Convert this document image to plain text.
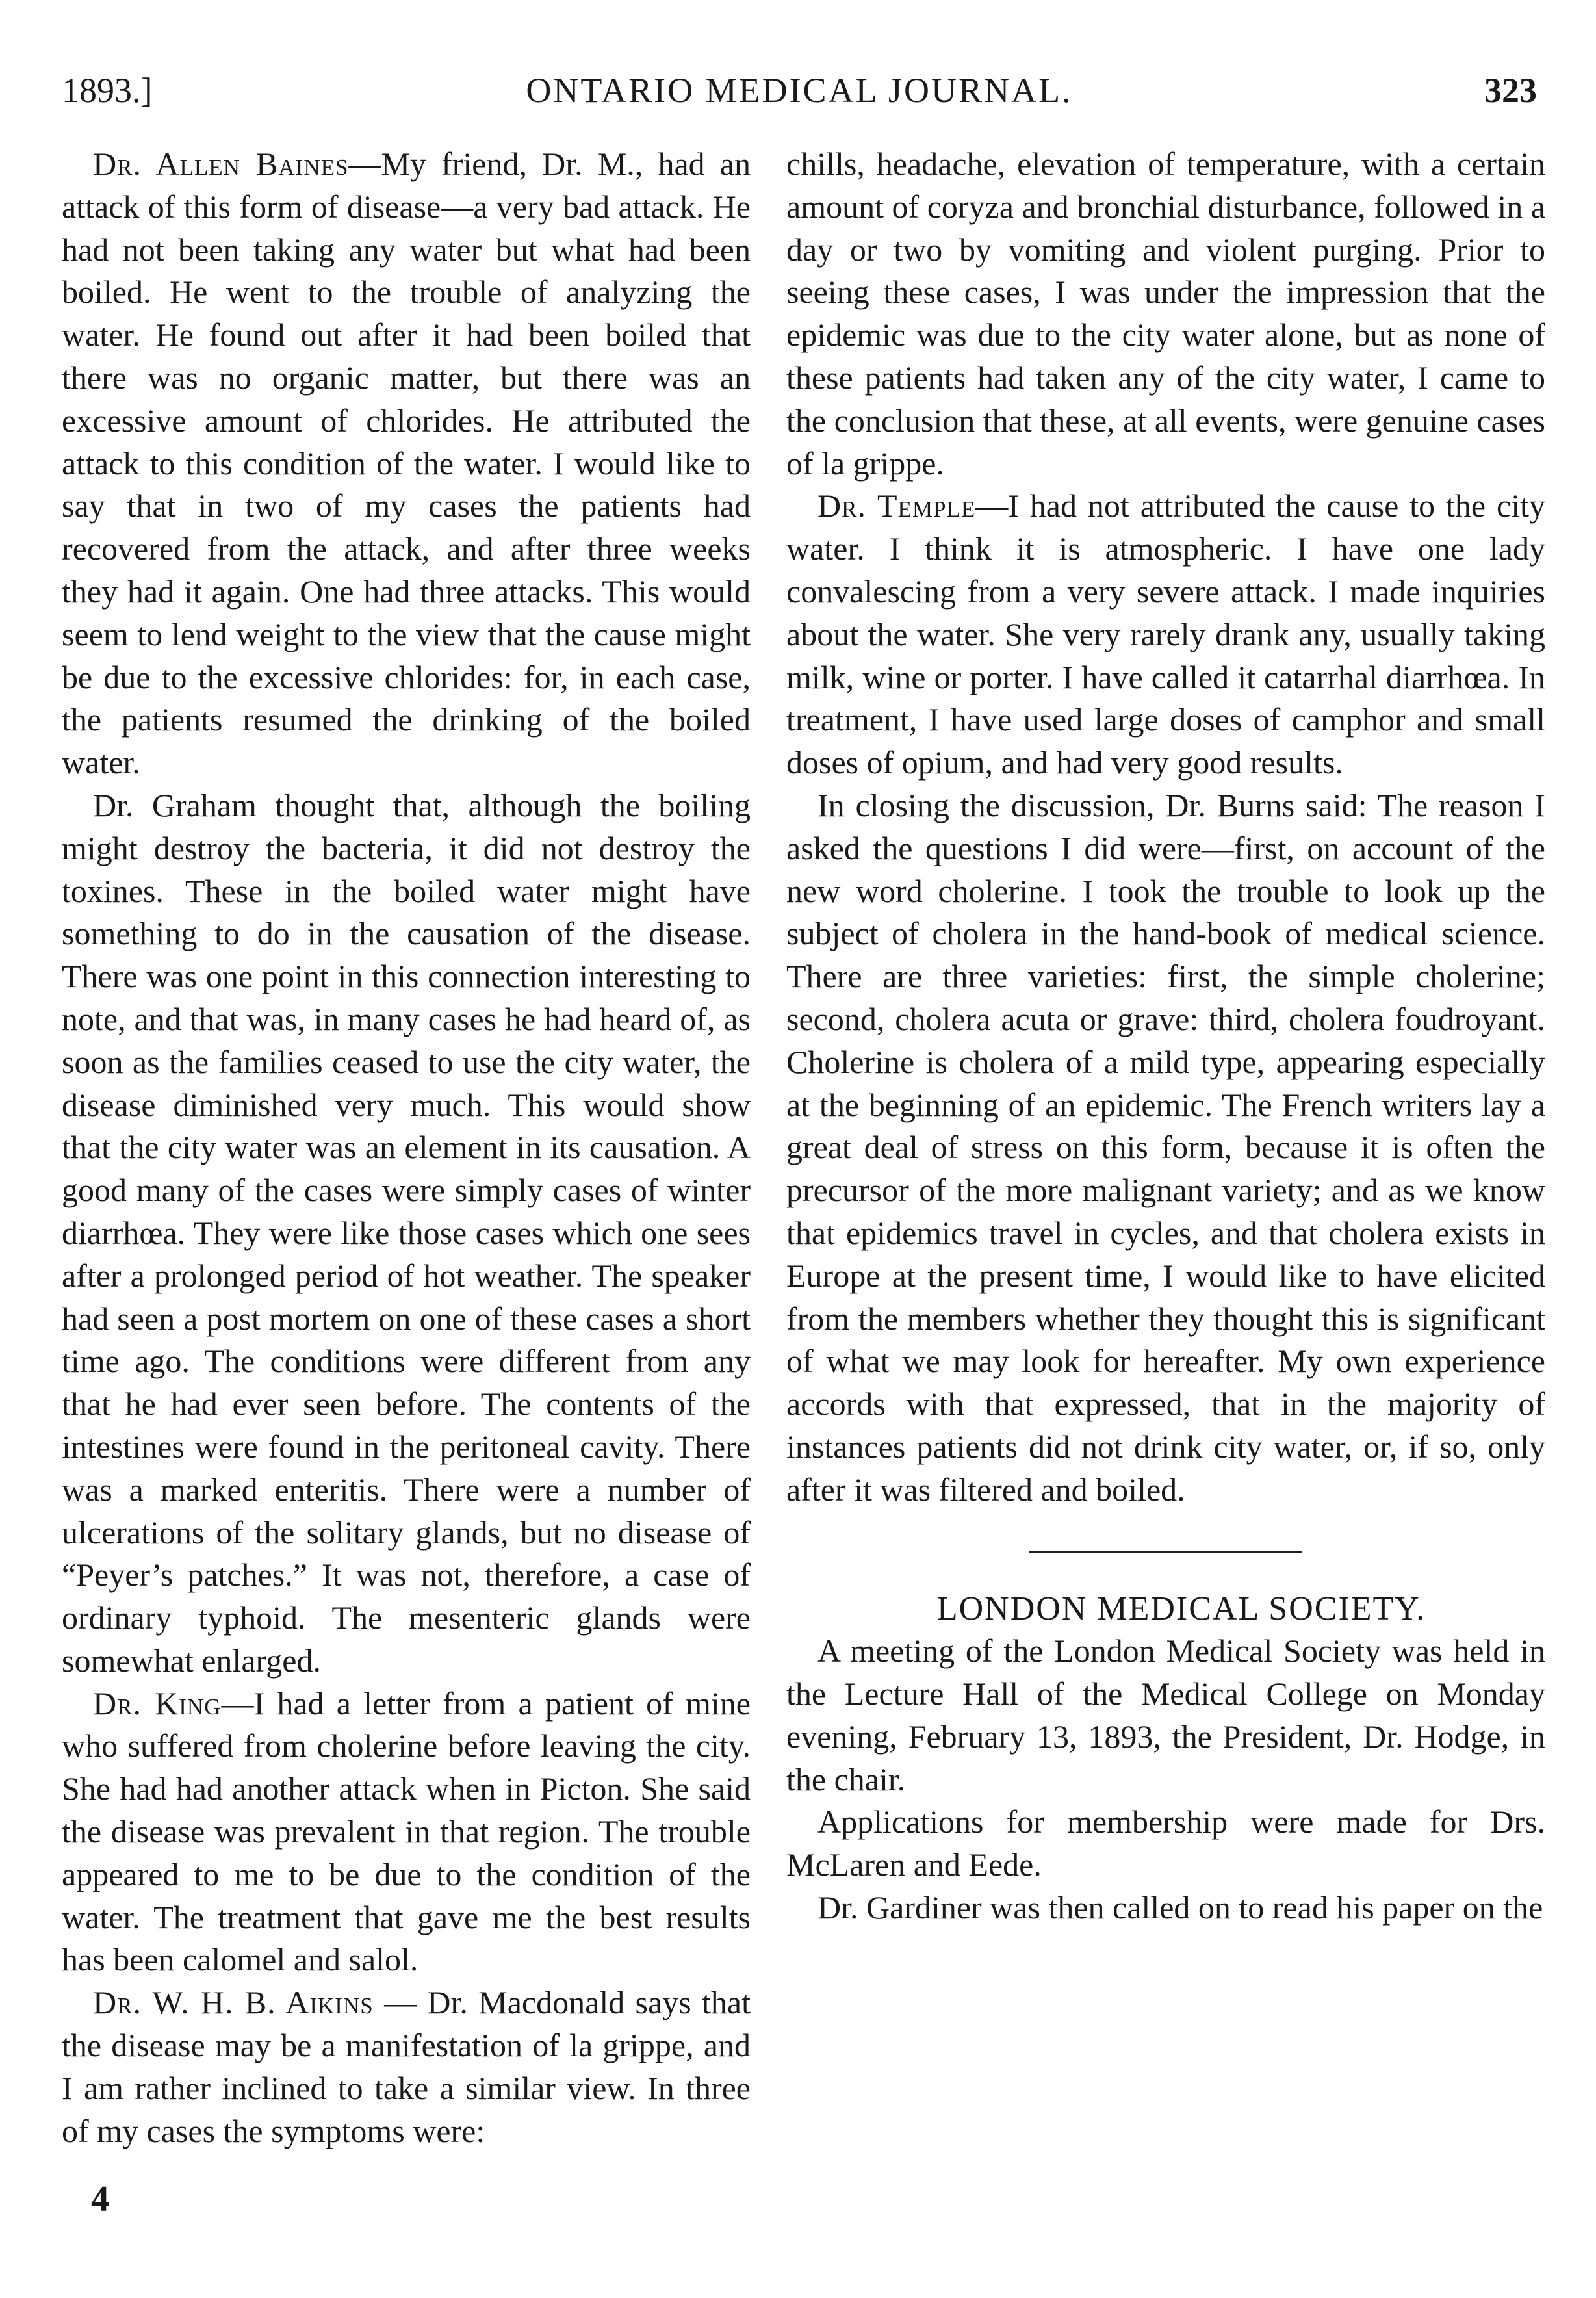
1893.]	ONTARIO MEDICAL JOURNAL.	323

Dr. Allen Baines—My friend, Dr. M., had an attack of this form of disease—a very bad attack. He had not been taking any water but what had been boiled. He went to the trouble of analyzing the water. He found out after it had been boiled that there was no organic matter, but there was an excessive amount of chlorides. He attributed the attack to this condition of the water. I would like to say that in two of my cases the patients had recovered from the attack, and after three weeks they had it again. One had three attacks. This would seem to lend weight to the view that the cause might be due to the excessive chlorides: for, in each case, the patients resumed the drinking of the boiled water.

Dr. Graham thought that, although the boiling might destroy the bacteria, it did not destroy the toxines. These in the boiled water might have something to do in the causation of the disease. There was one point in this connection interesting to note, and that was, in many cases he had heard of, as soon as the families ceased to use the city water, the disease diminished very much. This would show that the city water was an element in its causation. A good many of the cases were simply cases of winter diarrhœa. They were like those cases which one sees after a prolonged period of hot weather. The speaker had seen a post mortem on one of these cases a short time ago. The conditions were different from any that he had ever seen before. The contents of the intestines were found in the peritoneal cavity. There was a marked enteritis. There were a number of ulcerations of the solitary glands, but no disease of “Peyer’s patches.” It was not, therefore, a case of ordinary typhoid. The mesenteric glands were somewhat enlarged.

Dr. King—I had a letter from a patient of mine who suffered from cholerine before leaving the city. She had had another attack when in Picton. She said the disease was prevalent in that region. The trouble appeared to me to be due to the condition of the water. The treatment that gave me the best results has been calomel and salol.

Dr. W. H. B. Aikins — Dr. Macdonald says that the disease may be a manifestation of la grippe, and I am rather inclined to take a similar view. In three of my cases the symptoms were:

chills, headache, elevation of temperature, with a certain amount of coryza and bronchial disturbance, followed in a day or two by vomiting and violent purging. Prior to seeing these cases, I was under the impression that the epidemic was due to the city water alone, but as none of these patients had taken any of the city water, I came to the conclusion that these, at all events, were genuine cases of la grippe.

Dr. Temple—I had not attributed the cause to the city water. I think it is atmospheric. I have one lady convalescing from a very severe attack. I made inquiries about the water. She very rarely drank any, usually taking milk, wine or porter. I have called it catarrhal diarrhœa. In treatment, I have used large doses of camphor and small doses of opium, and had very good results.

In closing the discussion, Dr. Burns said: The reason I asked the questions I did were—first, on account of the new word cholerine. I took the trouble to look up the subject of cholera in the hand-book of medical science. There are three varieties: first, the simple cholerine; second, cholera acuta or grave: third, cholera foudroyant. Cholerine is cholera of a mild type, appearing especially at the beginning of an epidemic. The French writers lay a great deal of stress on this form, because it is often the precursor of the more malignant variety; and as we know that epidemics travel in cycles, and that cholera exists in Europe at the present time, I would like to have elicited from the members whether they thought this is significant of what we may look for hereafter. My own experience accords with that expressed, that in the majority of instances patients did not drink city water, or, if so, only after it was filtered and boiled.

LONDON MEDICAL SOCIETY.

A meeting of the London Medical Society was held in the Lecture Hall of the Medical College on Monday evening, February 13, 1893, the President, Dr. Hodge, in the chair.

Applications for membership were made for Drs. McLaren and Eede.

Dr. Gardiner was then called on to read his paper on the

4
